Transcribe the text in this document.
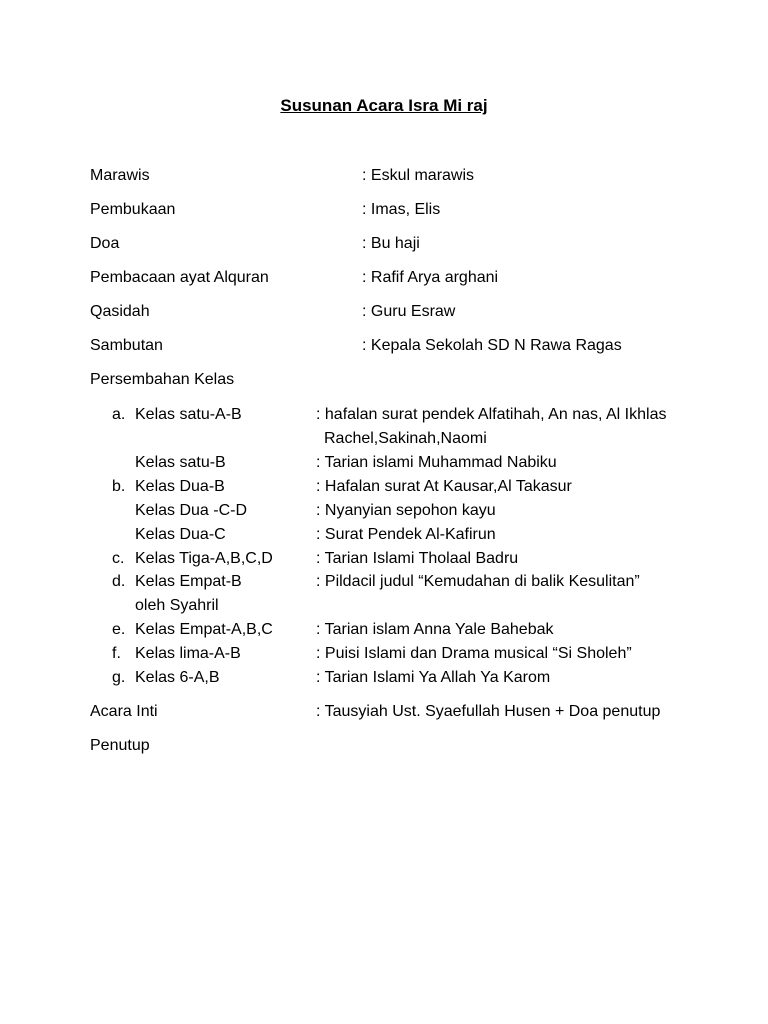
Susunan Acara Isra Mi raj
Marawis	: Eskul marawis
Pembukaan	: Imas, Elis
Doa	: Bu haji
Pembacaan ayat Alquran	: Rafif Arya arghani
Qasidah	: Guru Esraw
Sambutan	: Kepala Sekolah SD N Rawa Ragas
Persembahan Kelas
a. Kelas satu-A-B	: hafalan surat pendek Alfatihah, An nas, Al Ikhlas
Rachel,Sakinah,Naomi
Kelas satu-B	: Tarian islami Muhammad Nabiku
b. Kelas Dua-B	: Hafalan surat At Kausar,Al Takasur
Kelas Dua -C-D	: Nyanyian sepohon kayu
Kelas Dua-C	: Surat Pendek Al-Kafirun
c. Kelas Tiga-A,B,C,D	: Tarian Islami Tholaal Badru
d. Kelas Empat-B	: Pildacil judul “Kemudahan di balik Kesulitan”
oleh Syahril
e. Kelas Empat-A,B,C	: Tarian islam Anna Yale Bahebak
f. Kelas lima-A-B	: Puisi Islami dan Drama musical “Si Sholeh”
g. Kelas 6-A,B	: Tarian Islami Ya Allah Ya Karom
Acara Inti	: Tausyiah Ust. Syaefullah Husen + Doa penutup
Penutup
